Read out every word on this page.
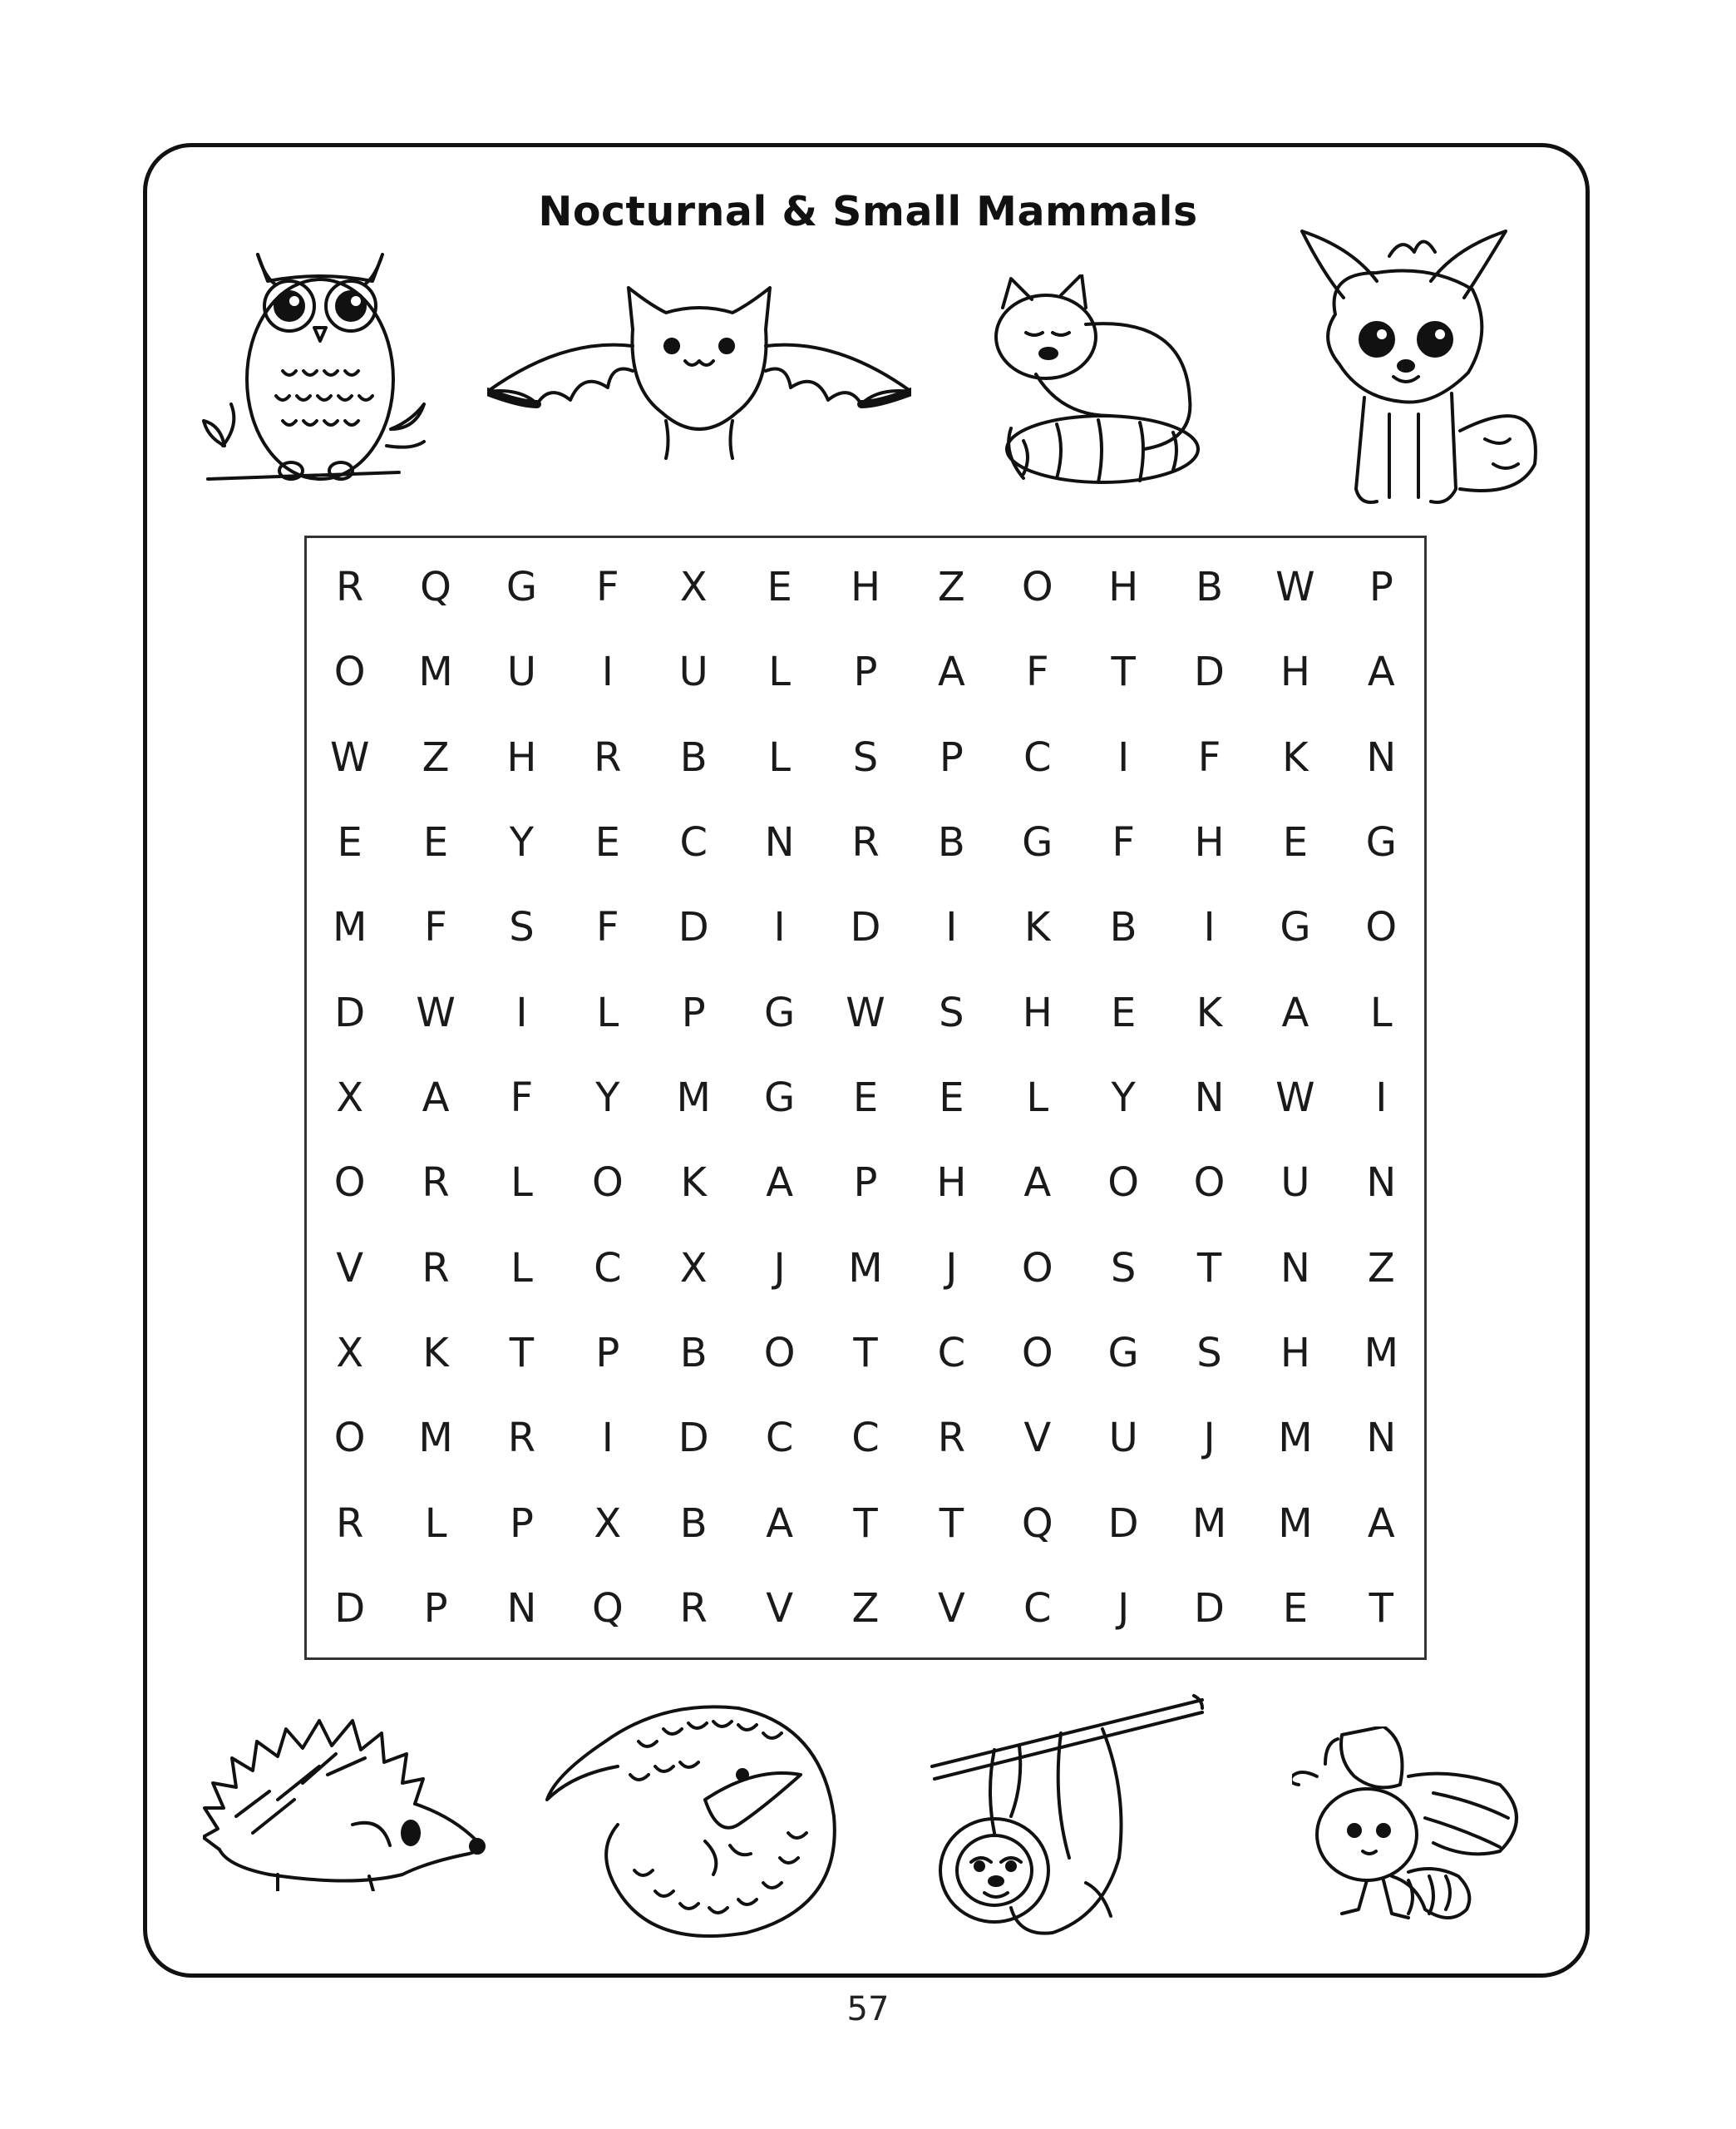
Nocturnal & Small Mammals
R	Q	G	F	X	E	H	Z	O	H	B	W	P
O	M	U	I	U	L	P	A	F	T	D	H	A
W	Z	H	R	B	L	S	P	C	I	F	K	N
E	E	Y	E	C	N	R	B	G	F	H	E	G
M	F	S	F	D	I	D	I	K	B	I	G	O
D	W	I	L	P	G	W	S	H	E	K	A	L
X	A	F	Y	M	G	E	E	L	Y	N	W	I
O	R	L	O	K	A	P	H	A	O	O	U	N
V	R	L	C	X	J	M	J	O	S	T	N	Z
X	K	T	P	B	O	T	C	O	G	S	H	M
O	M	R	I	D	C	C	R	V	U	J	M	N
R	L	P	X	B	A	T	T	Q	D	M	M	A
D	P	N	Q	R	V	Z	V	C	J	D	E	T
57
